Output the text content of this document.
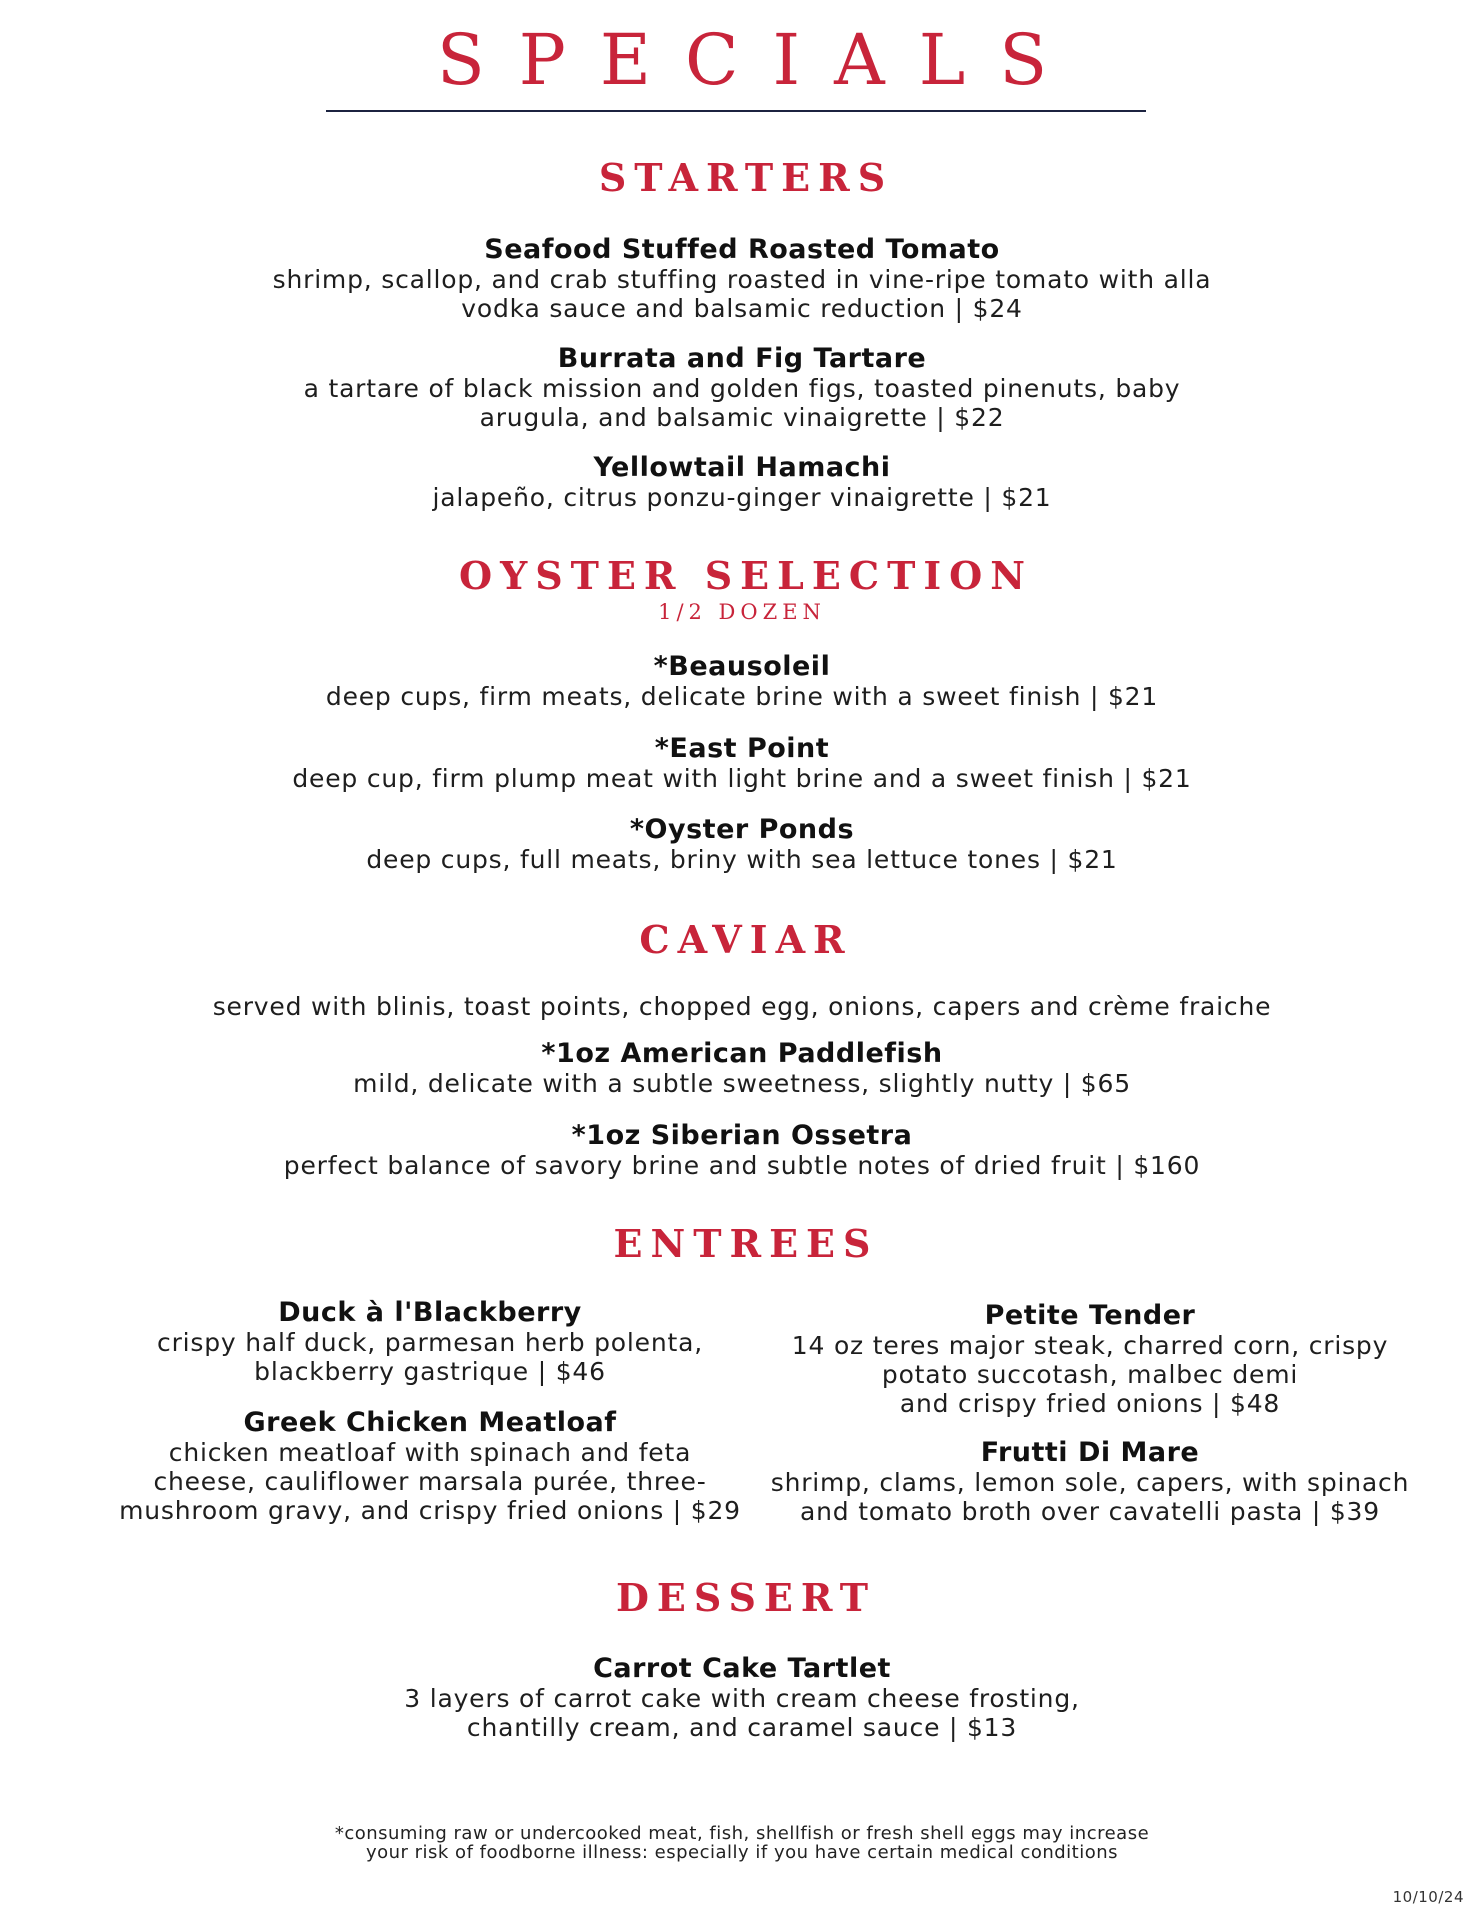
SPECIALS
STARTERS
Seafood Stuffed Roasted Tomato
shrimp, scallop, and crab stuffing roasted in vine-ripe tomato with alla
vodka sauce and balsamic reduction | $24
Burrata and Fig Tartare
a tartare of black mission and golden figs, toasted pinenuts, baby
arugula, and balsamic vinaigrette | $22
Yellowtail Hamachi
jalapeño, citrus ponzu-ginger vinaigrette | $21
OYSTER SELECTION
1/2 DOZEN
*Beausoleil
deep cups, firm meats, delicate brine with a sweet finish | $21
*East Point
deep cup, firm plump meat with light brine and a sweet finish | $21
*Oyster Ponds
deep cups, full meats, briny with sea lettuce tones | $21
CAVIAR
served with blinis, toast points, chopped egg, onions, capers and crème fraiche
*1oz American Paddlefish
mild, delicate with a subtle sweetness, slightly nutty | $65
*1oz Siberian Ossetra
perfect balance of savory brine and subtle notes of dried fruit | $160
ENTREES
Duck à l'Blackberry
crispy half duck, parmesan herb polenta,
blackberry gastrique | $46
Greek Chicken Meatloaf
chicken meatloaf with spinach and feta
cheese, cauliflower marsala purée, three-
mushroom gravy, and crispy fried onions | $29
Petite Tender
14 oz teres major steak, charred corn, crispy
potato succotash, malbec demi
and crispy fried onions | $48
Frutti Di Mare
shrimp, clams, lemon sole, capers, with spinach
and tomato broth over cavatelli pasta | $39
DESSERT
Carrot Cake Tartlet
3 layers of carrot cake with cream cheese frosting,
chantilly cream, and caramel sauce | $13
*consuming raw or undercooked meat, fish, shellfish or fresh shell eggs may increase
your risk of foodborne illness: especially if you have certain medical conditions
10/10/24
